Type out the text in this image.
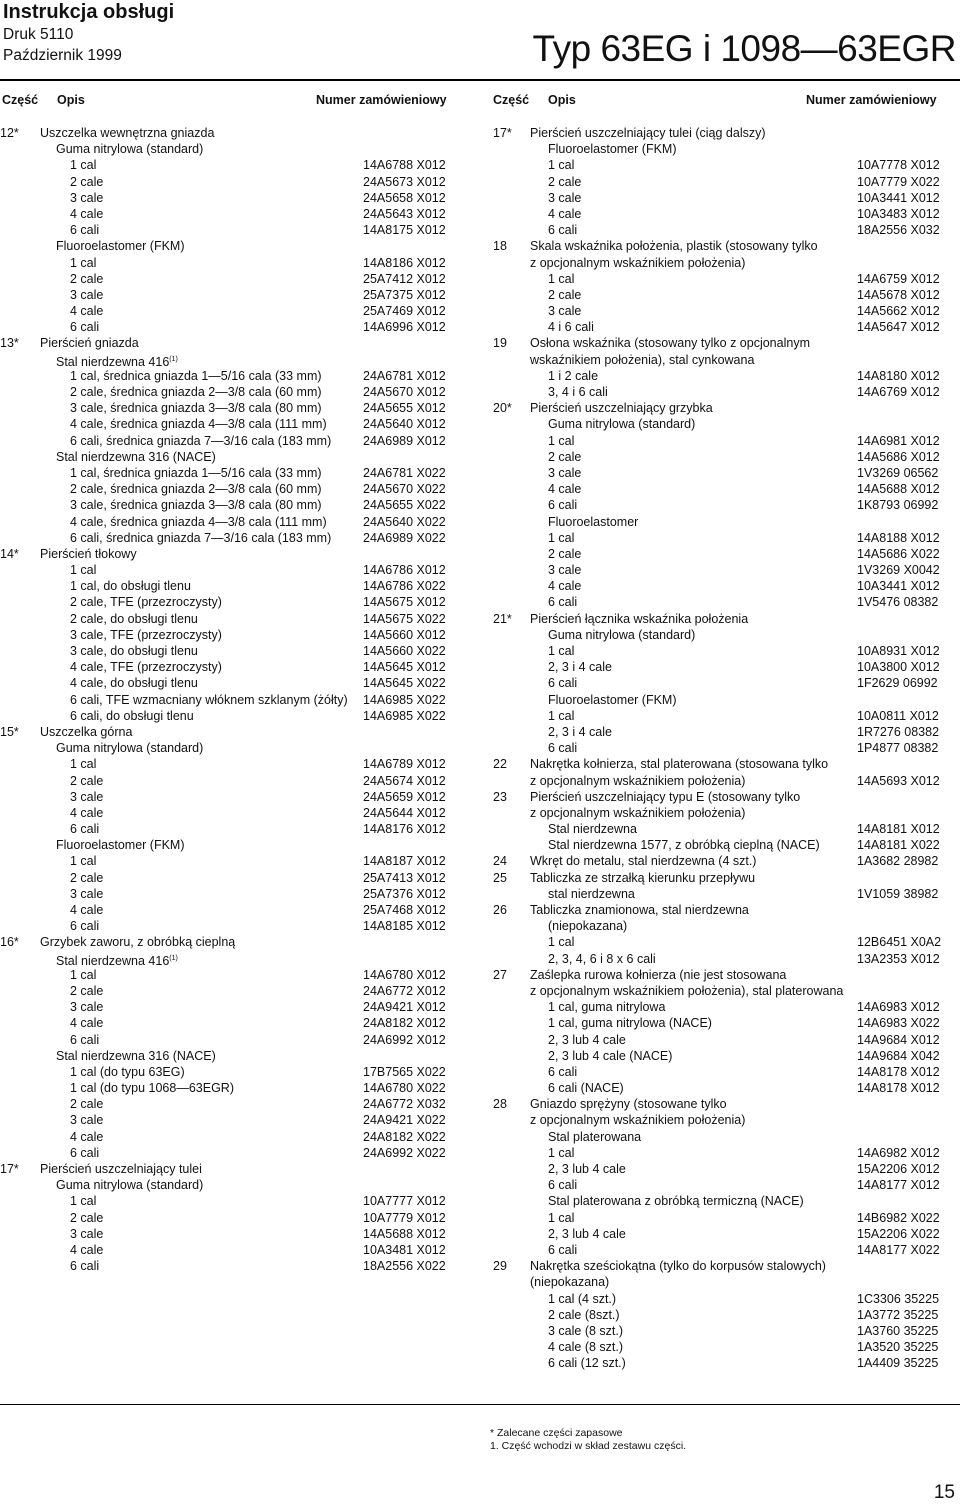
Instrukcja obsługi
Druk 5110
Październik 1999	Typ 63EG i 1098—63EGR
Część Opis	Numer zamówieniowy	Część Opis	Numer zamówieniowy
12* Uszczelka wewnętrzna gniazda
Guma nitrylowa (standard)
1 cal	14A6788 X012
2 cale	24A5673 X012
3 cale	24A5658 X012
4 cale	24A5643 X012
6 cali	14A8175 X012
Fluoroelastomer (FKM)
1 cal	14A8186 X012
2 cale	25A7412 X012
3 cale	25A7375 X012
4 cale	25A7469 X012
6 cali	14A6996 X012
13* Pierścień gniazda
Stal nierdzewna 416$^{(1)}$
1 cal, średnica gniazda 1—5/16 cala (33 mm)	24A6781 X012
2 cale, średnica gniazda 2—3/8 cala (60 mm)	24A5670 X012
3 cale, średnica gniazda 3—3/8 cala (80 mm)	24A5655 X012
4 cale, średnica gniazda 4—3/8 cala (111 mm)	24A5640 X012
6 cali, średnica gniazda 7—3/16 cala (183 mm)	24A6989 X012
Stal nierdzewna 316 (NACE)
1 cal, średnica gniazda 1—5/16 cala (33 mm)	24A6781 X022
2 cale, średnica gniazda 2—3/8 cala (60 mm)	24A5670 X022
3 cale, średnica gniazda 3—3/8 cala (80 mm)	24A5655 X022
4 cale, średnica gniazda 4—3/8 cala (111 mm)	24A5640 X022
6 cali, średnica gniazda 7—3/16 cala (183 mm)	24A6989 X022
14* Pierścień tłokowy
1 cal	14A6786 X012
1 cal, do obsługi tlenu	14A6786 X022
2 cale, TFE (przezroczysty)	14A5675 X012
2 cale, do obsługi tlenu	14A5675 X022
3 cale, TFE (przezroczysty)	14A5660 X012
3 cale, do obsługi tlenu	14A5660 X022
4 cale, TFE (przezroczysty)	14A5645 X012
4 cale, do obsługi tlenu	14A5645 X022
6 cali, TFE wzmacniany włóknem szklanym (żółty) 14A6985 X022
6 cali, do obsługi tlenu	14A6985 X022
15* Uszczelka górna
Guma nitrylowa (standard)
1 cal	14A6789 X012
2 cale	24A5674 X012
3 cale	24A5659 X012
4 cale	24A5644 X012
6 cali	14A8176 X012
Fluoroelastomer (FKM)
1 cal	14A8187 X012
2 cale	25A7413 X012
3 cale	25A7376 X012
4 cale	25A7468 X012
6 cali	14A8185 X012
16* Grzybek zaworu, z obróbką cieplną
Stal nierdzewna 416$^{(1)}$
1 cal	14A6780 X012
2 cale	24A6772 X012
3 cale	24A9421 X012
4 cale	24A8182 X012
6 cali	24A6992 X012
Stal nierdzewna 316 (NACE)
1 cal (do typu 63EG)	17B7565 X022
1 cal (do typu 1068—63EGR)	14A6780 X022
2 cale	24A6772 X032
3 cale	24A9421 X022
4 cale	24A8182 X022
6 cali	24A6992 X022
17* Pierścień uszczelniający tulei
Guma nitrylowa (standard)
1 cal	10A7777 X012
2 cale	10A7779 X012
3 cale	14A5688 X012
4 cale	10A3481 X012
6 cali	18A2556 X022
17* Pierścień uszczelniający tulei (ciąg dalszy)
Fluoroelastomer (FKM)
1 cal	10A7778 X012
2 cale	10A7779 X022
3 cale	10A3441 X012
4 cale	10A3483 X012
6 cali	18A2556 X032
18 Skala wskaźnika położenia, plastik (stosowany tylko
z opcjonalnym wskaźnikiem położenia)
1 cal	14A6759 X012
2 cale	14A5678 X012
3 cale	14A5662 X012
4 i 6 cali	14A5647 X012
19 Osłona wskaźnika (stosowany tylko z opcjonalnym
wskaźnikiem położenia), stal cynkowana
1 i 2 cale	14A8180 X012
3, 4 i 6 cali	14A6769 X012
20* Pierścień uszczelniający grzybka
Guma nitrylowa (standard)
1 cal	14A6981 X012
2 cale	14A5686 X012
3 cale	1V3269 06562
4 cale	14A5688 X012
6 cali	1K8793 06992
Fluoroelastomer
1 cal	14A8188 X012
2 cale	14A5686 X022
3 cale	1V3269 X0042
4 cale	10A3441 X012
6 cali	1V5476 08382
21* Pierścień łącznika wskaźnika położenia
Guma nitrylowa (standard)
1 cal	10A8931 X012
2, 3 i 4 cale	10A3800 X012
6 cali	1F2629 06992
Fluoroelastomer (FKM)
1 cal	10A0811 X012
2, 3 i 4 cale	1R7276 08382
6 cali	1P4877 08382
22 Nakrętka kołnierza, stal platerowana (stosowana tylko
z opcjonalnym wskaźnikiem położenia)	14A5693 X012
23 Pierścień uszczelniający typu E (stosowany tylko
z opcjonalnym wskaźnikiem położenia)
Stal nierdzewna	14A8181 X012
Stal nierdzewna 1577, z obróbką cieplną (NACE)	14A8181 X022
24 Wkręt do metalu, stal nierdzewna (4 szt.)	1A3682 28982
25 Tabliczka ze strzałką kierunku przepływu
stal nierdzewna	1V1059 38982
26 Tabliczka znamionowa, stal nierdzewna
(niepokazana)
1 cal	12B6451 X0A2
2, 3, 4, 6 i 8 x 6 cali	13A2353 X012
27 Zaślepka rurowa kołnierza (nie jest stosowana
z opcjonalnym wskaźnikiem położenia), stal platerowana
1 cal, guma nitrylowa	14A6983 X012
1 cal, guma nitrylowa (NACE)	14A6983 X022
2, 3 lub 4 cale	14A9684 X012
2, 3 lub 4 cale (NACE)	14A9684 X042
6 cali	14A8178 X012
6 cali (NACE)	14A8178 X012
28 Gniazdo sprężyny (stosowane tylko
z opcjonalnym wskaźnikiem położenia)
Stal platerowana
1 cal	14A6982 X012
2, 3 lub 4 cale	15A2206 X012
6 cali	14A8177 X012
Stal platerowana z obróbką termiczną (NACE)
1 cal	14B6982 X022
2, 3 lub 4 cale	15A2206 X022
6 cali	14A8177 X022
29 Nakrętka sześciokątna (tylko do korpusów stalowych)
(niepokazana)
1 cal (4 szt.)	1C3306 35225
2 cale (8szt.)	1A3772 35225
3 cale (8 szt.)	1A3760 35225
4 cale (8 szt.)	1A3520 35225
6 cali (12 szt.)	1A4409 35225
* Zalecane części zapasowe
1. Część wchodzi w skład zestawu części.
15
